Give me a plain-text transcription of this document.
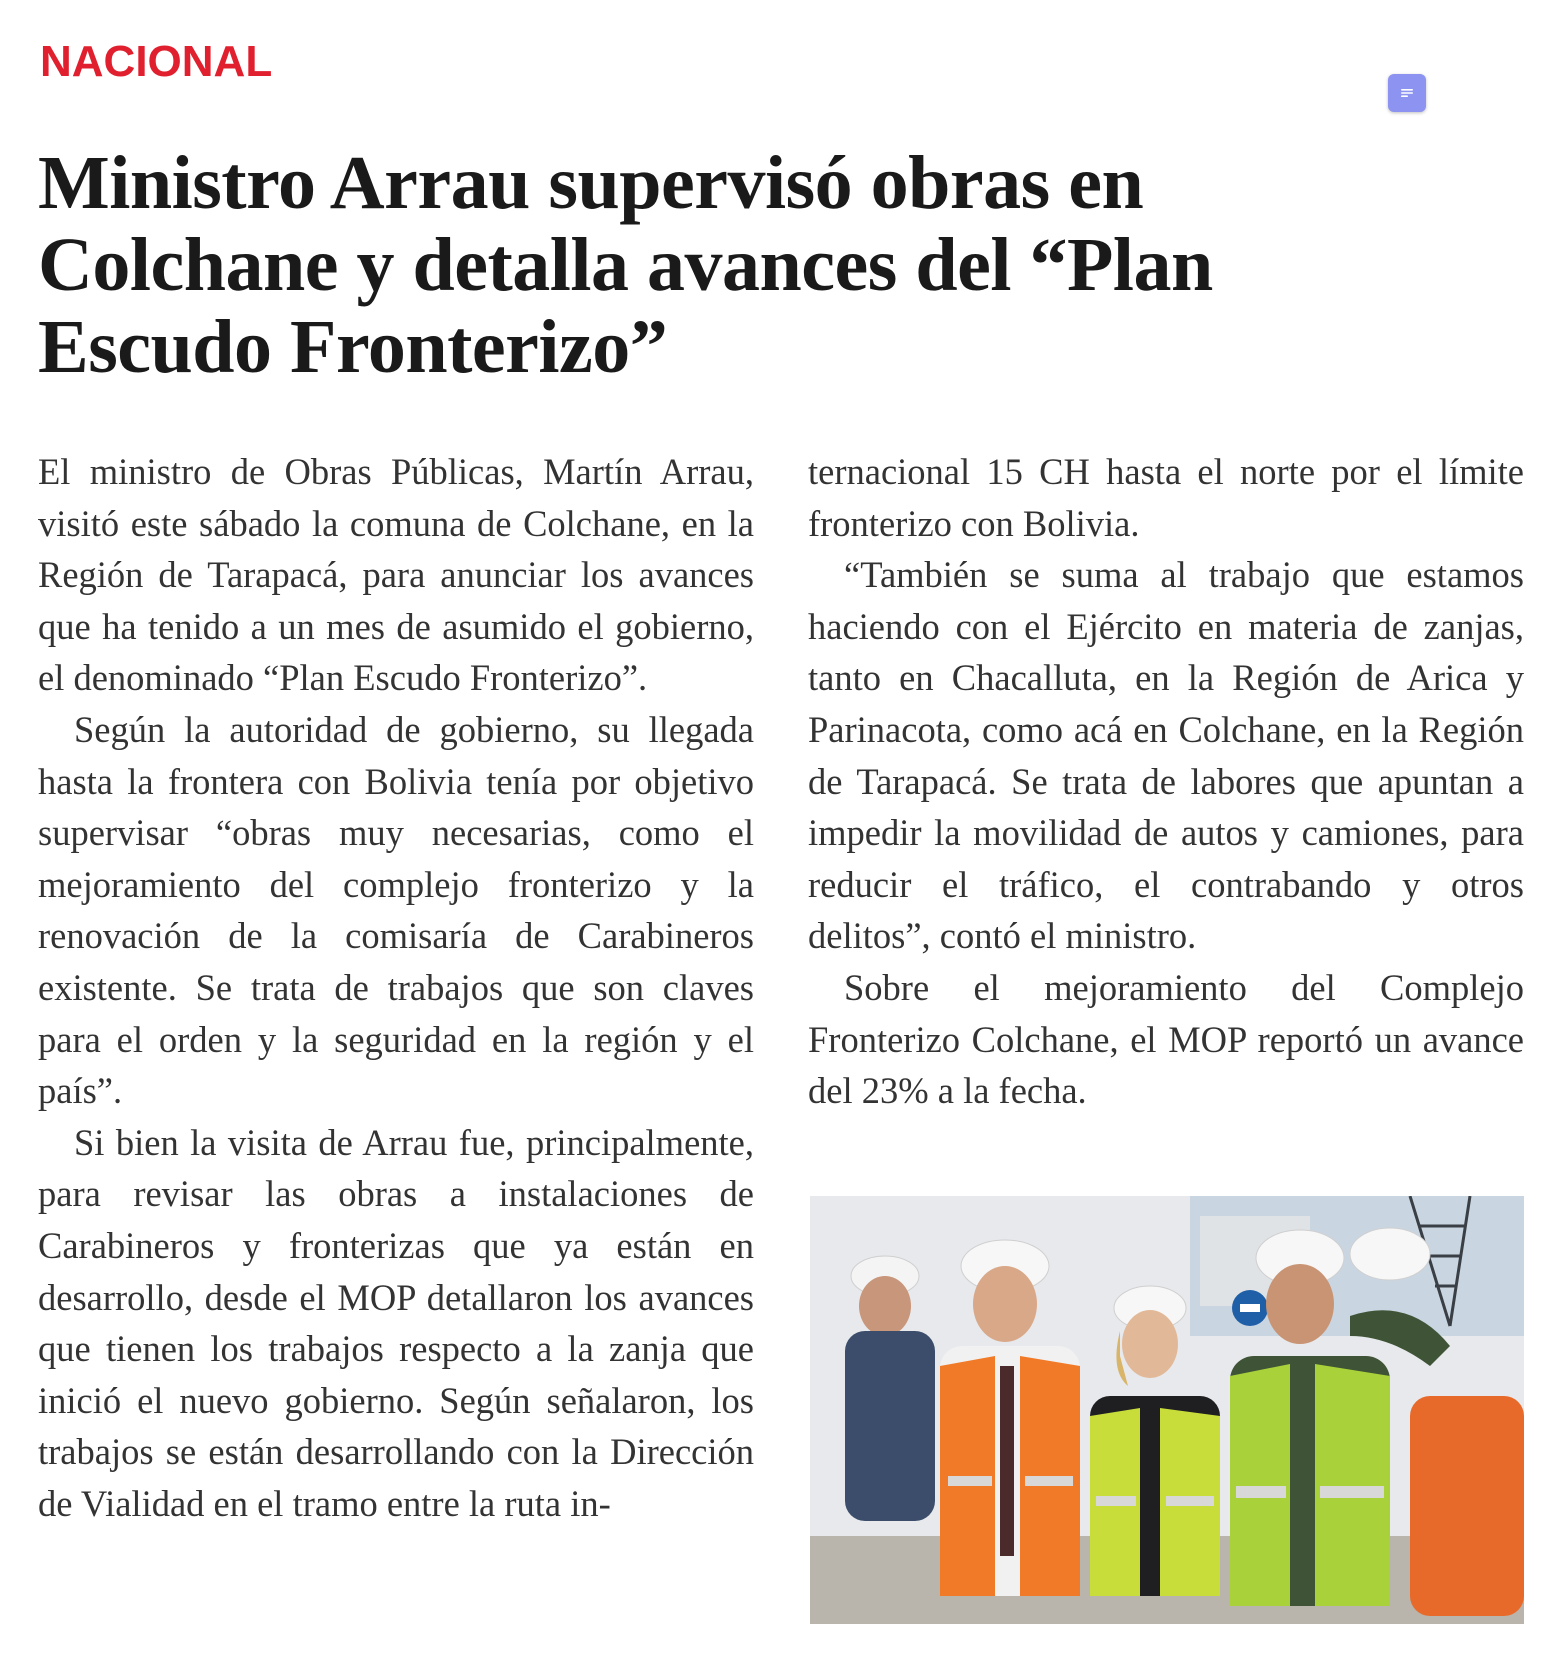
NACIONAL
Ministro Arrau supervisó obras en Colchane y detalla avances del “Plan Escudo Fronterizo”

El ministro de Obras Públicas, Martín Arrau, visitó este sábado la comuna de Colchane, en la Región de Tarapacá, para anunciar los avances que ha tenido a un mes de asumido el gobierno, el denominado “Plan Escudo Fronterizo”.

Según la autoridad de gobierno, su llegada hasta la frontera con Bolivia tenía por objetivo supervisar “obras muy necesarias, como el mejoramiento del complejo fronterizo y la renovación de la comisaría de Carabineros existente. Se trata de trabajos que son claves para el orden y la seguridad en la región y el país”.

Si bien la visita de Arrau fue, principalmente, para revisar las obras a instalaciones de Carabineros y fronterizas que ya están en desarrollo, desde el MOP detallaron los avances que tienen los trabajos respecto a la zanja que inició el nuevo gobierno. Según señalaron, los trabajos se están desarrollando con la Dirección de Vialidad en el tramo entre la ruta in-

ternacional 15 CH hasta el norte por el límite fronterizo con Bolivia.

“También se suma al trabajo que estamos haciendo con el Ejército en materia de zanjas, tanto en Chacalluta, en la Región de Arica y Parinacota, como acá en Colchane, en la Región de Tarapacá. Se trata de labores que apuntan a impedir la movilidad de autos y camiones, para reducir el tráfico, el contrabando y otros delitos”, contó el ministro.

Sobre el mejoramiento del Complejo Fronterizo Colchane, el MOP reportó un avance del 23% a la fecha.
